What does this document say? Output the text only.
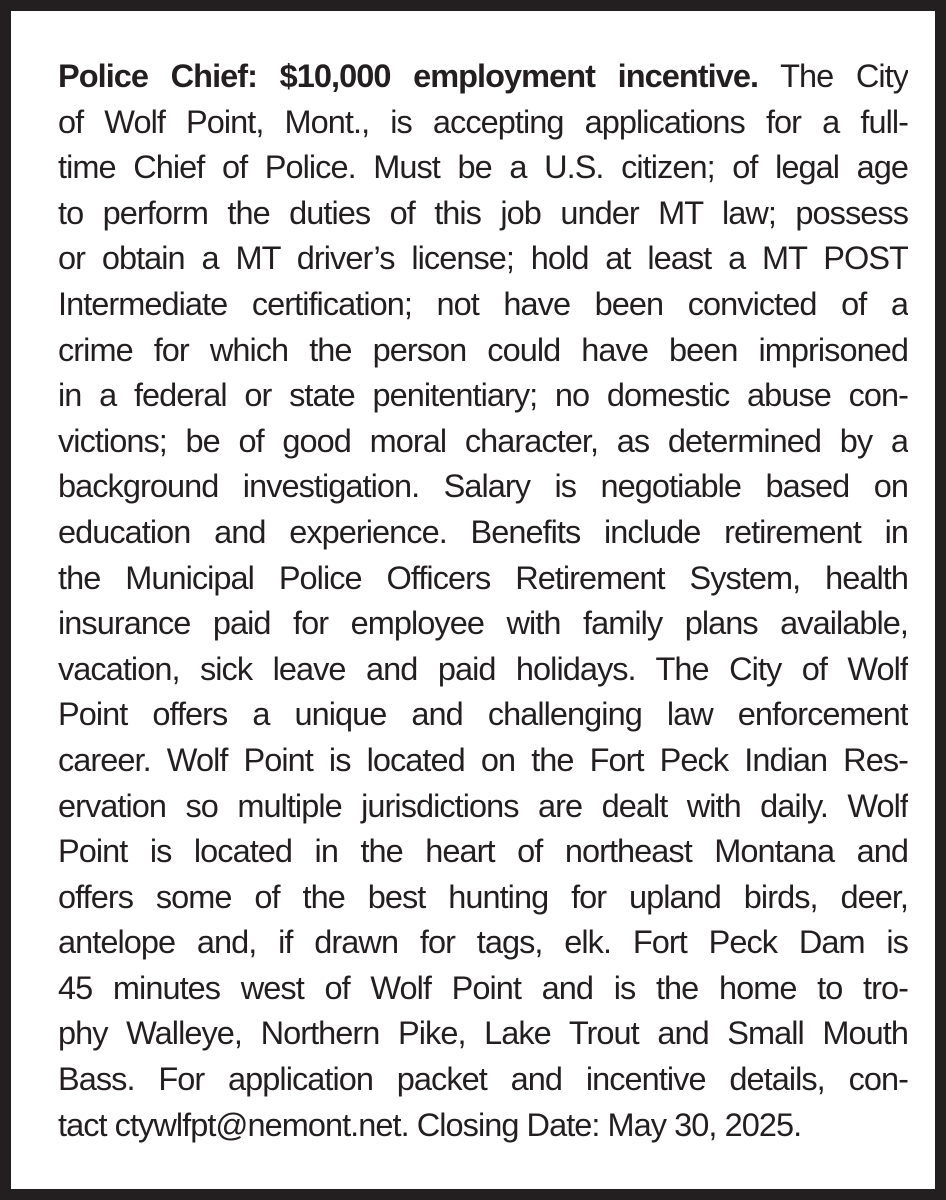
Police Chief: $10,000 employment incentive. The City
of Wolf Point, Mont., is accepting applications for a full-
time Chief of Police. Must be a U.S. citizen; of legal age
to perform the duties of this job under MT law; possess
or obtain a MT driver’s license; hold at least a MT POST
Intermediate certification; not have been convicted of a
crime for which the person could have been imprisoned
in a federal or state penitentiary; no domestic abuse con-
victions; be of good moral character, as determined by a
background investigation. Salary is negotiable based on
education and experience. Benefits include retirement in
the Municipal Police Officers Retirement System, health
insurance paid for employee with family plans available,
vacation, sick leave and paid holidays. The City of Wolf
Point offers a unique and challenging law enforcement
career. Wolf Point is located on the Fort Peck Indian Res-
ervation so multiple jurisdictions are dealt with daily. Wolf
Point is located in the heart of northeast Montana and
offers some of the best hunting for upland birds, deer,
antelope and, if drawn for tags, elk. Fort Peck Dam is
45 minutes west of Wolf Point and is the home to tro-
phy Walleye, Northern Pike, Lake Trout and Small Mouth
Bass. For application packet and incentive details, con-
tact ctywlfpt@nemont.net. Closing Date: May 30, 2025.
